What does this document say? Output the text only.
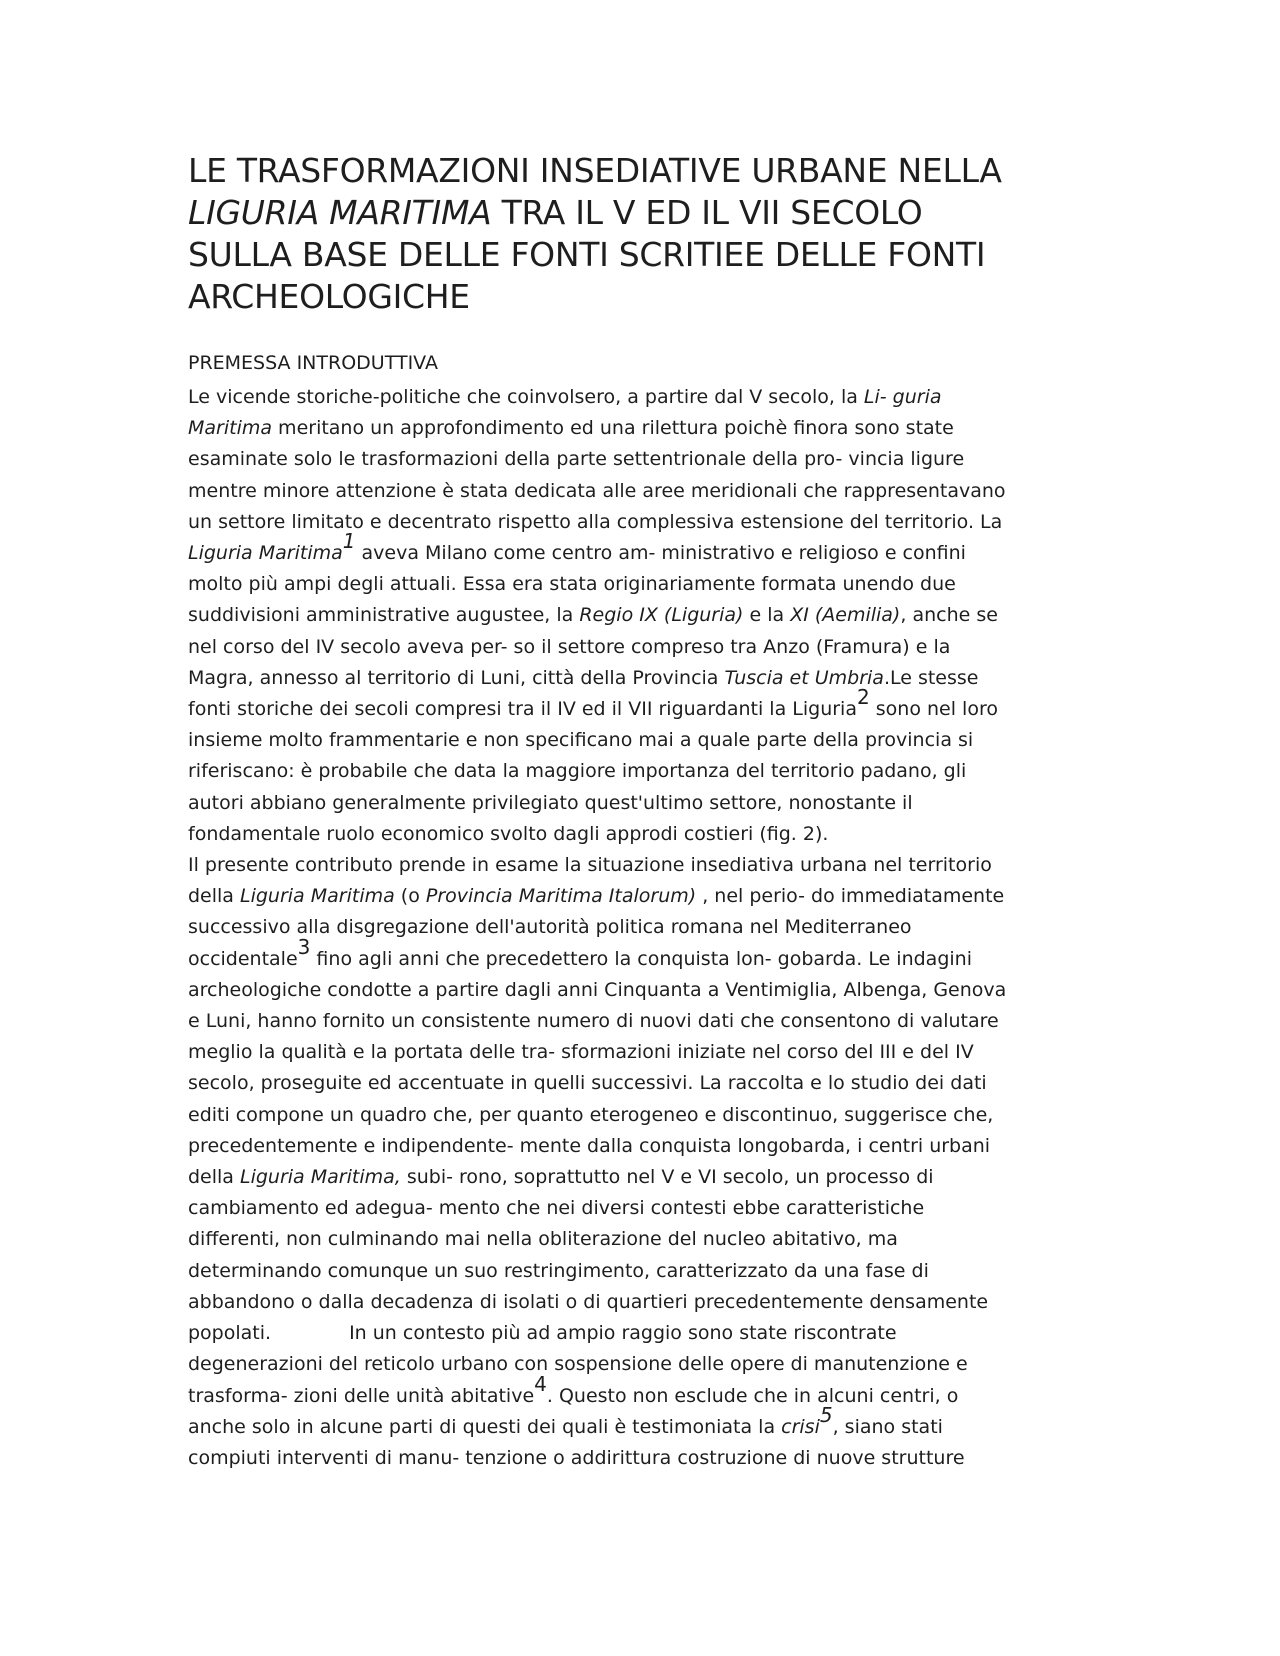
LE TRASFORMAZIONI INSEDIATIVE URBANE NELLA
LIGURIA MARITIMA TRA IL V ED IL VII SECOLO
SULLA BASE DELLE FONTI SCRITIEE DELLE FONTI
ARCHEOLOGICHE
PREMESSA INTRODUTTIVA

Le vicende storiche-politiche che coinvolsero, a partire dal V secolo, la Li- guria
Maritima meritano un approfondimento ed una rilettura poichè finora sono state
esaminate solo le trasformazioni della parte settentrionale della pro- vincia ligure
mentre minore attenzione è stata dedicata alle aree meridionali che rappresentavano
un settore limitato e decentrato rispetto alla complessiva estensione del territorio. La
Liguria Maritima$^1$ aveva Milano come centro am- ministrativo e religioso e confini
molto più ampi degli attuali. Essa era stata originariamente formata unendo due
suddivisioni amministrative augustee, la Regio IX (Liguria) e la XI (Aemilia), anche se
nel corso del IV secolo aveva per- so il settore compreso tra Anzo (Framura) e la
Magra, annesso al territorio di Luni, città della Provincia Tuscia et Umbria.Le stesse
fonti storiche dei secoli compresi tra il IV ed il VII riguardanti la Liguria$^2$ sono nel loro
insieme molto frammentarie e non specificano mai a quale parte della provincia si
riferiscano: è probabile che data la maggiore importanza del territorio padano, gli
autori abbiano generalmente privilegiato quest'ultimo settore, nonostante il
fondamentale ruolo economico svolto dagli approdi costieri (fig. 2).

Il presente contributo prende in esame la situazione insediativa urbana nel territorio
della Liguria Maritima (o Provincia Maritima Italorum) , nel perio- do immediatamente
successivo alla disgregazione dell'autorità politica romana nel Mediterraneo
occidentale$^3$ fino agli anni che precedettero la conquista lon- gobarda. Le indagini
archeologiche condotte a partire dagli anni Cinquanta a Ventimiglia, Albenga, Genova
e Luni, hanno fornito un consistente numero di nuovi dati che consentono di valutare
meglio la qualità e la portata delle tra- sformazioni iniziate nel corso del III e del IV
secolo, proseguite ed accentuate in quelli successivi. La raccolta e lo studio dei dati
editi compone un quadro che, per quanto eterogeneo e discontinuo, suggerisce che,
precedentemente e indipendente- mente dalla conquista longobarda, i centri urbani
della Liguria Maritima, subi- rono, soprattutto nel V e VI secolo, un processo di
cambiamento ed adegua- mento che nei diversi contesti ebbe caratteristiche
differenti, non culminando mai nella obliterazione del nucleo abitativo, ma
determinando comunque un suo restringimento, caratterizzato da una fase di
abbandono o dalla decadenza di isolati o di quartieri precedentemente densamente
popolati.	In un contesto più ad ampio raggio sono state riscontrate
degenerazioni del reticolo urbano con sospensione delle opere di manutenzione e
trasforma- zioni delle unità abitative$^4$. Questo non esclude che in alcuni centri, o
anche solo in alcune parti di questi dei quali è testimoniata la crisi$^5$, siano stati
compiuti interventi di manu- tenzione o addirittura costruzione di nuove strutture
